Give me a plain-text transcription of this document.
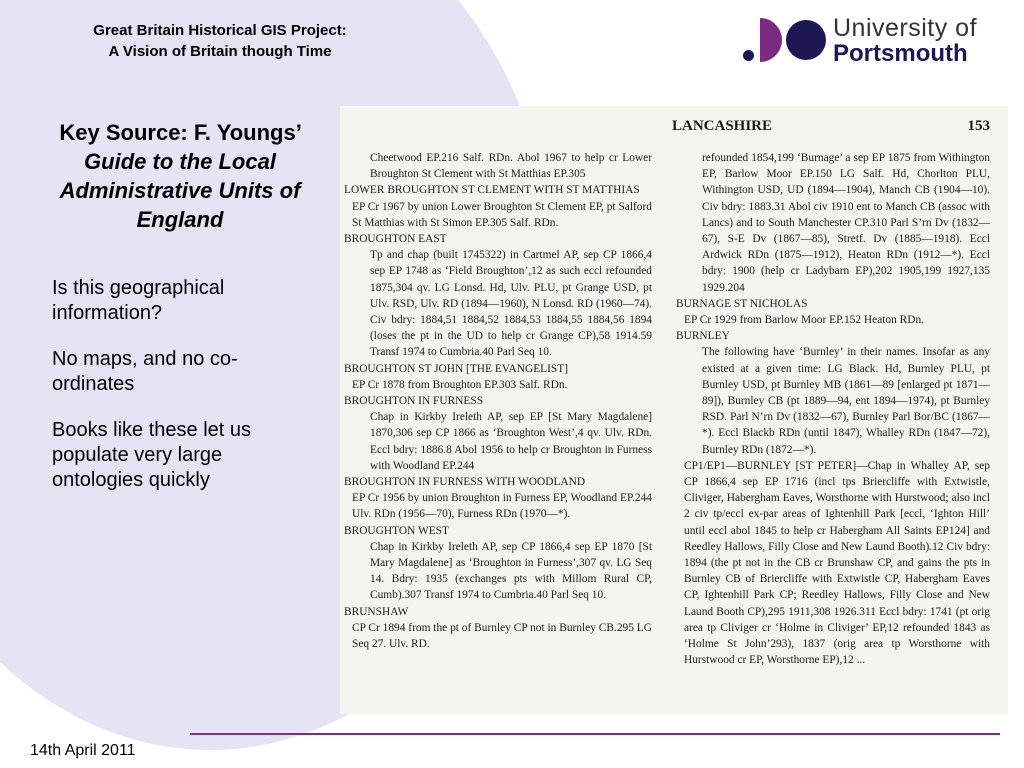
Great Britain Historical GIS Project:
A Vision of Britain though Time
University of
Portsmouth
Key Source: F. Youngs’ Guide to the Local Administrative Units of England
Is this geographical information?
No maps, and no co-ordinates
Books like these let us populate very large ontologies quickly
LANCASHIRE	153

Cheetwood EP.216 Salf. RDn. Abol 1967 to help cr Lower Broughton St Clement with St Matthias EP.305

LOWER BROUGHTON ST CLEMENT WITH ST MATTHIAS

EP Cr 1967 by union Lower Broughton St Clement EP, pt Salford St Matthias with St Simon EP.305 Salf. RDn.

BROUGHTON EAST

Tp and chap (built 1745322) in Cartmel AP, sep CP 1866,4 sep EP 1748 as ‘Field Broughton’,12 as such eccl refounded 1875,304 qv. LG Lonsd. Hd, Ulv. PLU, pt Grange USD, pt Ulv. RSD, Ulv. RD (1894—1960), N Lonsd. RD (1960—74). Civ bdry: 1884,51 1884,52 1884,53 1884,55 1884,56 1894 (loses the pt in the UD to help cr Grange CP),58 1914.59 Transf 1974 to Cumbria.40 Parl Seq 10.

BROUGHTON ST JOHN [THE EVANGELIST]

EP Cr 1878 from Broughton EP.303 Salf. RDn.

BROUGHTON IN FURNESS

Chap in Kirkby Ireleth AP, sep EP [St Mary Magdalene] 1870,306 sep CP 1866 as ‘Broughton West’,4 qv. Ulv. RDn. Eccl bdry: 1886.8 Abol 1956 to help cr Broughton in Furness with Woodland EP.244

BROUGHTON IN FURNESS WITH WOODLAND

EP Cr 1956 by union Broughton in Furness EP, Woodland EP.244 Ulv. RDn (1956—70), Furness RDn (1970—*).

BROUGHTON WEST

Chap in Kirkby Ireleth AP, sep CP 1866,4 sep EP 1870 [St Mary Magdalene] as ‘Broughton in Furness’,307 qv. LG Seq 14. Bdry: 1935 (exchanges pts with Millom Rural CP, Cumb).307 Transf 1974 to Cumbria.40 Parl Seq 10.

BRUNSHAW

CP Cr 1894 from the pt of Burnley CP not in Burnley CB.295 LG Seq 27. Ulv. RD.

refounded 1854,199 ‘Burnage’ a sep EP 1875 from Withington EP, Barlow Moor EP.150 LG Salf. Hd, Chorlton PLU, Withington USD, UD (1894—1904), Manch CB (1904—10). Civ bdry: 1883.31 Abol civ 1910 ent to Manch CB (assoc with Lancs) and to South Manchester CP.310 Parl S’rn Dv (1832—67), S-E Dv (1867—85), Stretf. Dv (1885—1918). Eccl Ardwick RDn (1875—1912), Heaton RDn (1912—*). Eccl bdry: 1900 (help cr Ladybarn EP),202 1905,199 1927,135 1929.204

BURNAGE ST NICHOLAS

EP Cr 1929 from Barlow Moor EP.152 Heaton RDn.

BURNLEY

The following have ‘Burnley’ in their names. Insofar as any existed at a given time: LG Black. Hd, Burnley PLU, pt Burnley USD, pt Burnley MB (1861—89 [enlarged pt 1871—89]), Burnley CB (pt 1889—94, ent 1894—1974), pt Burnley RSD. Parl N’rn Dv (1832—67), Burnley Parl Bor/BC (1867—*). Eccl Blackb RDn (until 1847), Whalley RDn (1847—72), Burnley RDn (1872—*).

CP1/EP1—BURNLEY [ST PETER]—Chap in Whalley AP, sep CP 1866,4 sep EP 1716 (incl tps Briercliffe with Extwistle, Cliviger, Habergham Eaves, Worsthorne with Hurstwood; also incl 2 civ tp/eccl ex-par areas of Ightenhill Park [eccl, ‘Ighton Hill’ until eccl abol 1845 to help cr Habergham All Saints EP124] and Reedley Hallows, Filly Close and New Laund Booth).12 Civ bdry: 1894 (the pt not in the CB cr Brunshaw CP, and gains the pts in Burnley CB of Briercliffe with Extwistle CP, Habergham Eaves CP, Ightenhill Park CP; Reedley Hallows, Filly Close and New Laund Booth CP),295 1911,308 1926.311 Eccl bdry: 1741 (pt orig area tp Cliviger cr ‘Holme in Cliviger’ EP,12 refounded 1843 as ‘Holme St John’293), 1837 (orig area tp Worsthorne with Hurstwood cr EP, Worsthorne EP),12 ...

14th April 2011
